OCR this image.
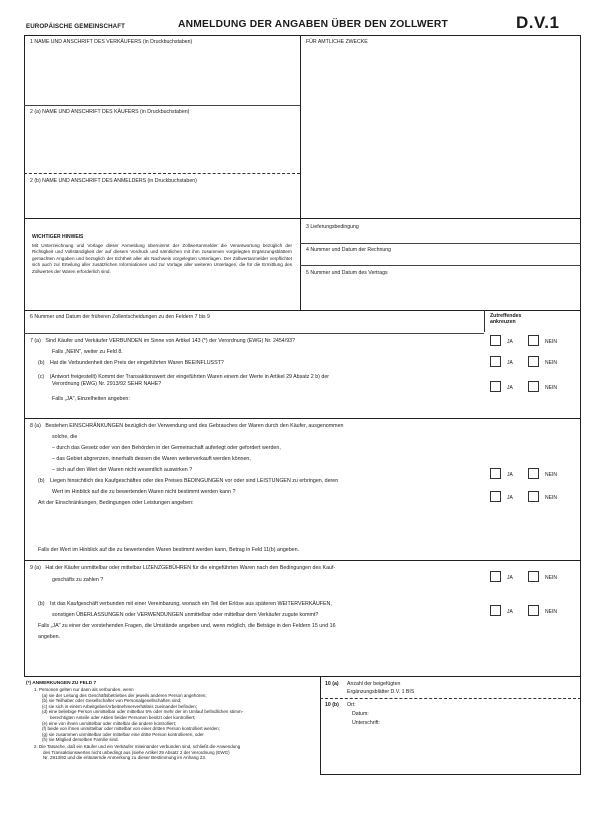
EUROPÄISCHE GEMEINSCHAFT	ANMELDUNG DER ANGABEN ÜBER DEN ZOLLWERT	D.V.1
1 NAME UND ANSCHRIFT DES VERKÄUFERS (in Druckbuchstaben)	FÜR AMTLICHE ZWECKE
2 (a) NAME UND ANSCHRIFT DES KÄUFERS (in Druckbuchstaben)
2 (b) NAME UND ANSCHRIFT DES ANMELDERS (in Druckbuchstaben)
WICHTIGER HINWEIS
Mit Unterzeichnung und Vorlage dieser Anmeldung übernimmt der Zollwertanmelder die Verantwortung bezüglich der Richtigkeit und Vollständigkeit der auf diesem Vordruck und sämtlichen mit ihm zusammen vorgelegten Ergänzungsblättern gemachten Angaben und bezüglich der Echtheit aller als Nachweis vorgelegten Unterlagen. Der Zollwertanmelder verpflichtet sich auch zur Erteilung aller zusätzlichen Informationen und zur Vorlage aller weiteren Unterlagen, die für die Ermittlung des Zollwertes der Waren erforderlich sind.
3 Lieferungsbedingung
4 Nummer und Datum der Rechnung
5 Nummer und Datum des Vertrags
6 Nummer und Datum der früheren Zollentscheidungen zu den Feldern 7 bis 9	Zutreffendes
ankreuzen
7 (a) Sind Käufer und Verkäufer VERBUNDEN im Sinne von Artikel 143 (*) der Verordnung (EWG) Nr. 2454/93?
Falls „NEIN", weiter zu Feld 8.
(b) Hat die Verbundenheit den Preis der eingeführten Waren BEEINFLUSST?
(c) (Antwort freigestellt) Kommt der Transaktionswert der eingeführten Waren einem der Werte in Artikel 29 Absatz 2 b) der
Verordnung (EWG) Nr. 2913/92 SEHR NAHE?
Falls „JA", Einzelheiten angeben:
JA	NEIN
JA	NEIN
JA	NEIN
8 (a) Bestehen EINSCHRÄNKUNGEN bezüglich der Verwendung und des Gebrauches der Waren durch den Käufer, ausgenommen
solche, die
– durch das Gesetz oder von den Behörden in der Gemeinschaft auferlegt oder gefordert werden,
– das Gebiet abgrenzen, innerhalb dessen die Waren weiterverkauft werden können,
– sich auf den Wert der Waren nicht wesentlich auswirken ?
(b) Liegen hinsichtlich des Kaufgeschäftes oder des Preises BEDINGUNGEN vor oder sind LEISTUNGEN zu erbringen, deren
Wert im Hinblick auf die zu bewertenden Waren nicht bestimmt werden kann ?
Art der Einschränkungen, Bedingungen oder Leistungen angeben:
Falls der Wert im Hinblick auf die zu bewertenden Waren bestimmt werden kann, Betrag in Feld 11(b) angeben.
JA	NEIN
JA	NEIN
9 (a) Hat der Käufer unmittelbar oder mittelbar LIZENZGEBÜHREN für die eingeführten Waren nach den Bedingungen des Kauf-
geschäfts zu zahlen ?
(b) Ist das Kaufgeschäft verbunden mit einer Vereinbarung, wonach ein Teil der Erlöse aus späteren WEITERVERKÄUFEN,
sonstigen ÜBERLASSUNGEN oder VERWENDUNGEN unmittelbar oder mittelbar dem Verkäufer zugute kommt?
Falls „JA" zu einer der vorstehenden Fragen, die Umstände angeben und, wenn möglich, die Beträge in den Feldern 15 und 16
angeben.
JA	NEIN
JA	NEIN
(*) ANMERKUNGEN ZU FELD 7
1. Personen gelten nur dann als verbunden, wenn
(a) sie der Leitung des Geschäftsbetriebes der jeweils anderen Person angehören;
(b) sie Teilhaber oder Gesellschafter von Personalgesellschaften sind;
(c) sie sich in einem Arbeitgeber/Arbeitnehmerverhältnis zueinander befinden;
(d) eine beliebige Person unmittelbar oder mittelbar 5% oder mehr der im Umlauf befindlichen stimm-
berechtigten Anteile oder Aktien beider Personen besitzt oder kontrolliert;
(e) eine von ihnen unmittelbar oder mittelbar die andere kontrolliert;
(f) beide von ihnen unmittelbar oder mittelbar von einer dritten Person kontrolliert werden;
(g) sie zusammen unmittelbar oder mittelbar eine dritte Person kontrollieren, oder
(h) sie Mitglied derselben Familie sind.
2. Die Tatsache, daß ein Käufer und ein Verkäufer miteinander verbunden sind, schließt die Anwendung
des Transaktionswertes nicht unbedingt aus (siehe Artikel 29 Absatz 2 der Verordnung (EWG)
Nr. 2913/92 und die erläuternde Anmerkung zu dieser Bestimmung im Anhang 23.
10 (a) Anzahl der beigefügten
Ergänzungsblätter D.V. 1 BIS
10 (b) Ort:
Datum:
Unterschrift:
